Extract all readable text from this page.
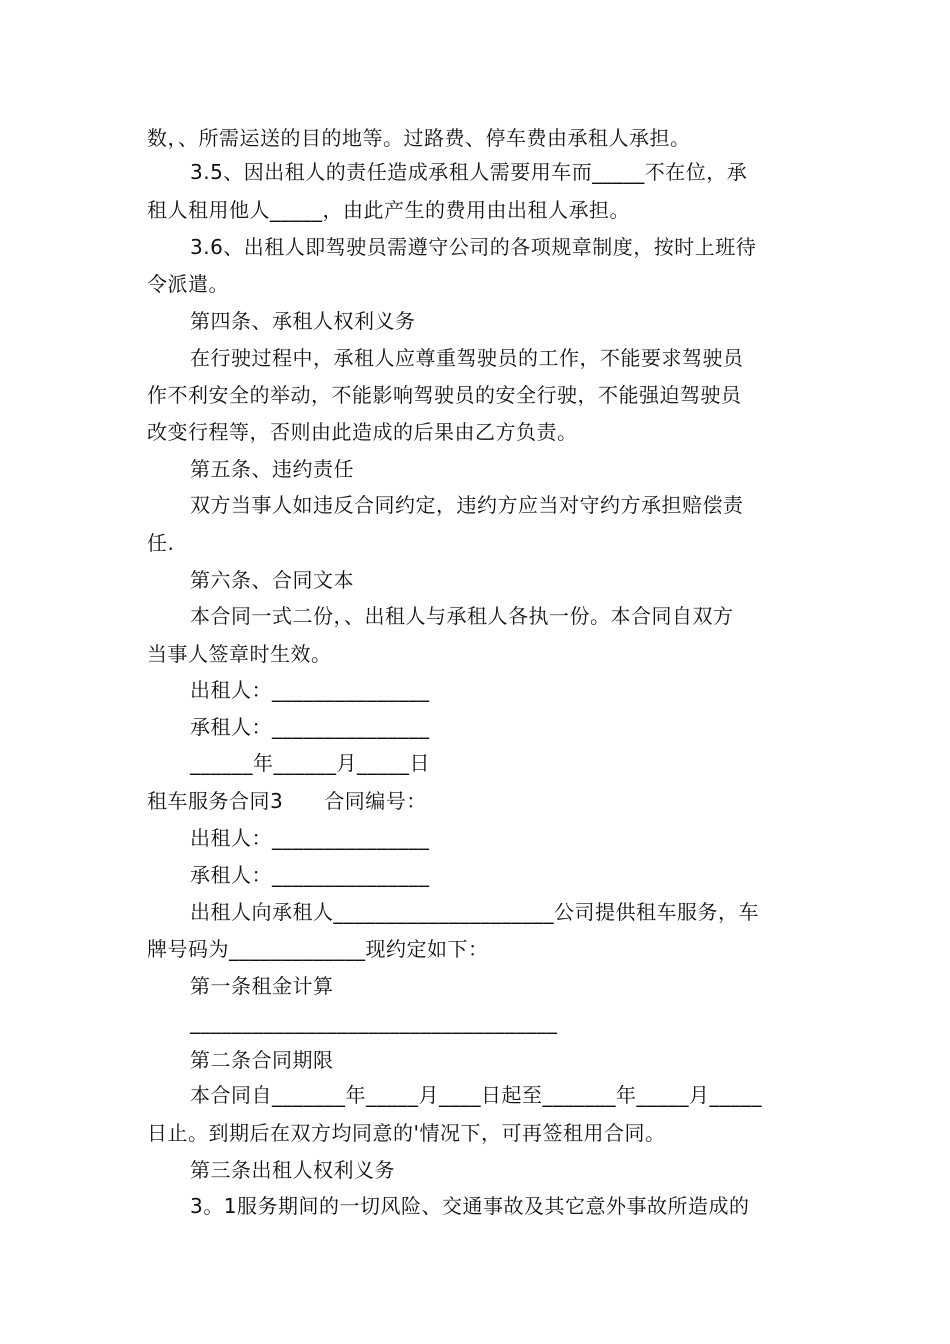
数，、所需运送的目的地等。过路费、停车费由承租人承担。
3.5、因出租人的责任造成承租人需要用车而_____不在位，承
租人租用他人_____，由此产生的费用由出租人承担。
3.6、出租人即驾驶员需遵守公司的各项规章制度，按时上班待
令派遣。
第四条、承租人权利义务
在行驶过程中，承租人应尊重驾驶员的工作，不能要求驾驶员
作不利安全的举动，不能影响驾驶员的安全行驶，不能强迫驾驶员
改变行程等，否则由此造成的后果由乙方负责。
第五条、违约责任
双方当事人如违反合同约定，违约方应当对守约方承担赔偿责
任.
第六条、合同文本
本合同一式二份，、出租人与承租人各执一份。本合同自双方
当事人签章时生效。
出租人：_______________
承租人：_______________
______年______月_____日
租车服务合同3　　合同编号：
出租人：_______________
承租人：_______________
出租人向承租人_____________________公司提供租车服务，车
牌号码为_____________现约定如下：
第一条租金计算
___________________________________
第二条合同期限
本合同自_______年_____月____日起至_______年_____月_____
日止。到期后在双方均同意的'情况下，可再签租用合同。
第三条出租人权利义务
3。1服务期间的一切风险、交通事故及其它意外事故所造成的
